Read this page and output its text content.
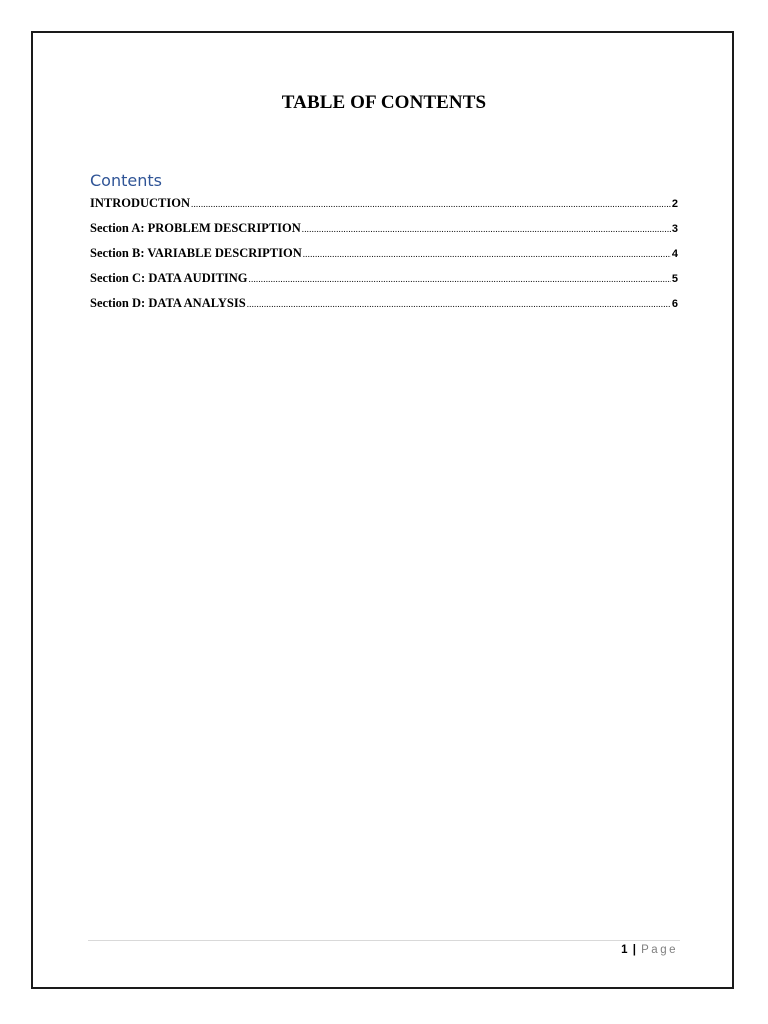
TABLE OF CONTENTS
Contents
INTRODUCTION .....	2
Section A: PROBLEM DESCRIPTION .....	3
Section B: VARIABLE DESCRIPTION .....	4
Section C: DATA AUDITING .....	5
Section D: DATA ANALYSIS .....	6
1 | Page
